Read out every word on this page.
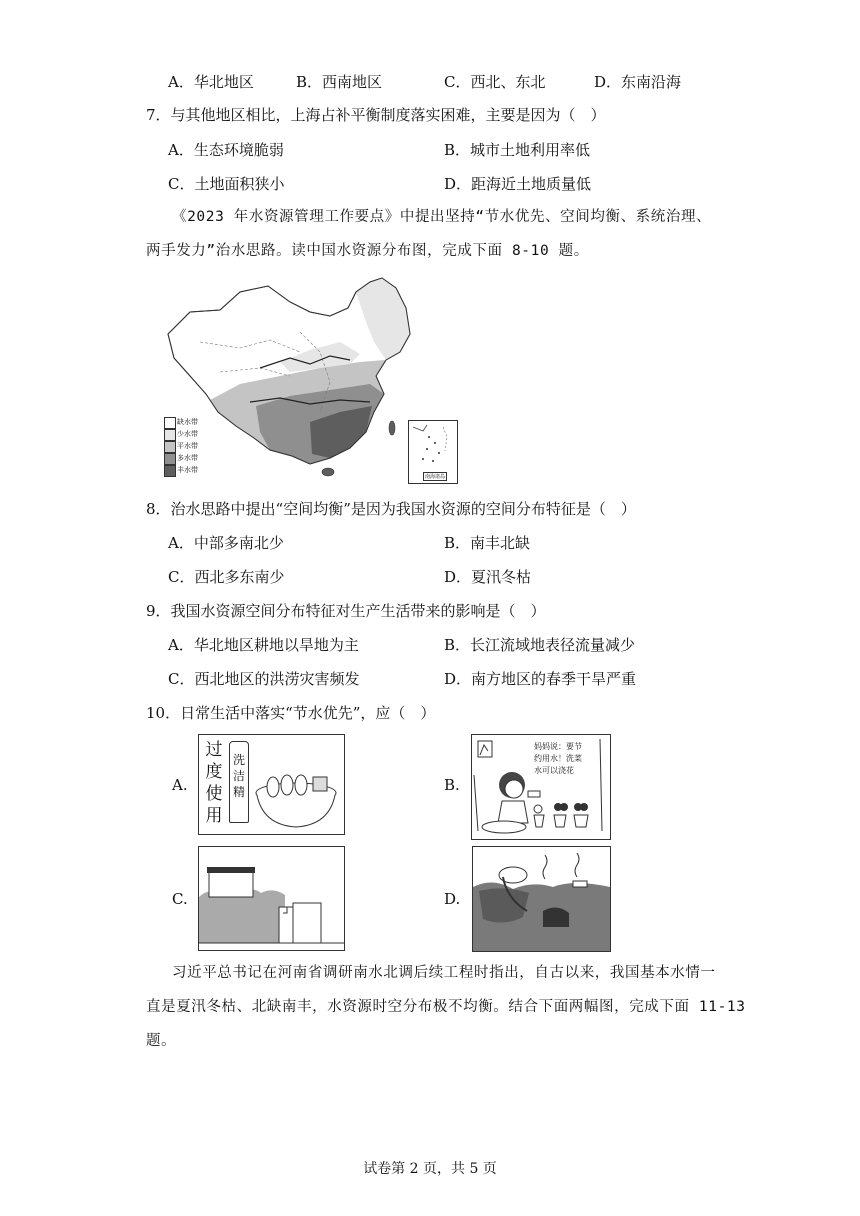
A．华北地区	B．西南地区	C．西北、东北	D．东南沿海
7．与其他地区相比，上海占补平衡制度落实困难，主要是因为（　）
A．生态环境脆弱	B．城市土地利用率低
C．土地面积狭小	D．距海近土地质量低
《2023 年水资源管理工作要点》中提出坚持“节水优先、空间均衡、系统治理、
两手发力”治水思路。读中国水资源分布图，完成下面 8-10 题。
缺水带
少水带
平水带
多水带
丰水带
南海诸岛
8．治水思路中提出“空间均衡”是因为我国水资源的空间分布特征是（　）
A．中部多南北少	B．南丰北缺
C．西北多东南少	D．夏汛冬枯
9．我国水资源空间分布特征对生产生活带来的影响是（　）
A．华北地区耕地以旱地为主	B．长江流域地表径流量减少
C．西北地区的洪涝灾害频发	D．南方地区的春季干旱严重
10．日常生活中落实“节水优先”，应（　）
A.
过
度
使
用
洗
洁
精	B.
妈妈说：要节
约用水！洗菜
水可以浇花
C.	D.
习近平总书记在河南省调研南水北调后续工程时指出，自古以来，我国基本水情一
直是夏汛冬枯、北缺南丰，水资源时空分布极不均衡。结合下面两幅图，完成下面 11-13
题。
试卷第 2 页，共 5 页
